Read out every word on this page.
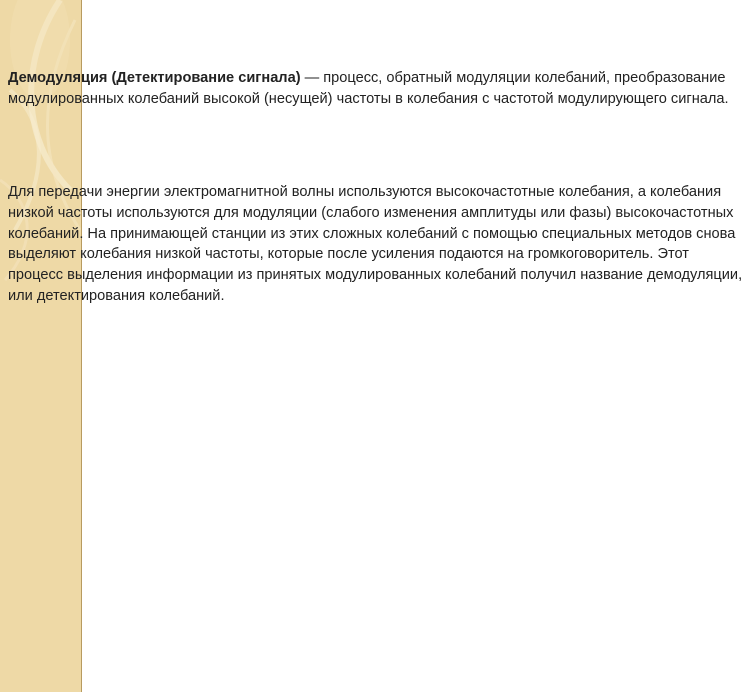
Демодуляция (Детектирование сигнала) — процесс, обратный модуляции колебаний, преобразование модулированных колебаний высокой (несущей) частоты в колебания с частотой модулирующего сигнала.

Для передачи энергии электромагнитной волны используются высокочастотные колебания, а колебания низкой частоты используются для модуляции (слабого изменения амплитуды или фазы) высокочастотных колебаний. На принимающей станции из этих сложных колебаний с помощью специальных методов снова выделяют колебания низкой частоты, которые после усиления подаются на громкоговоритель. Этот процесс выделения информации из принятых модулированных колебаний получил название демодуляции, или детектирования колебаний.
